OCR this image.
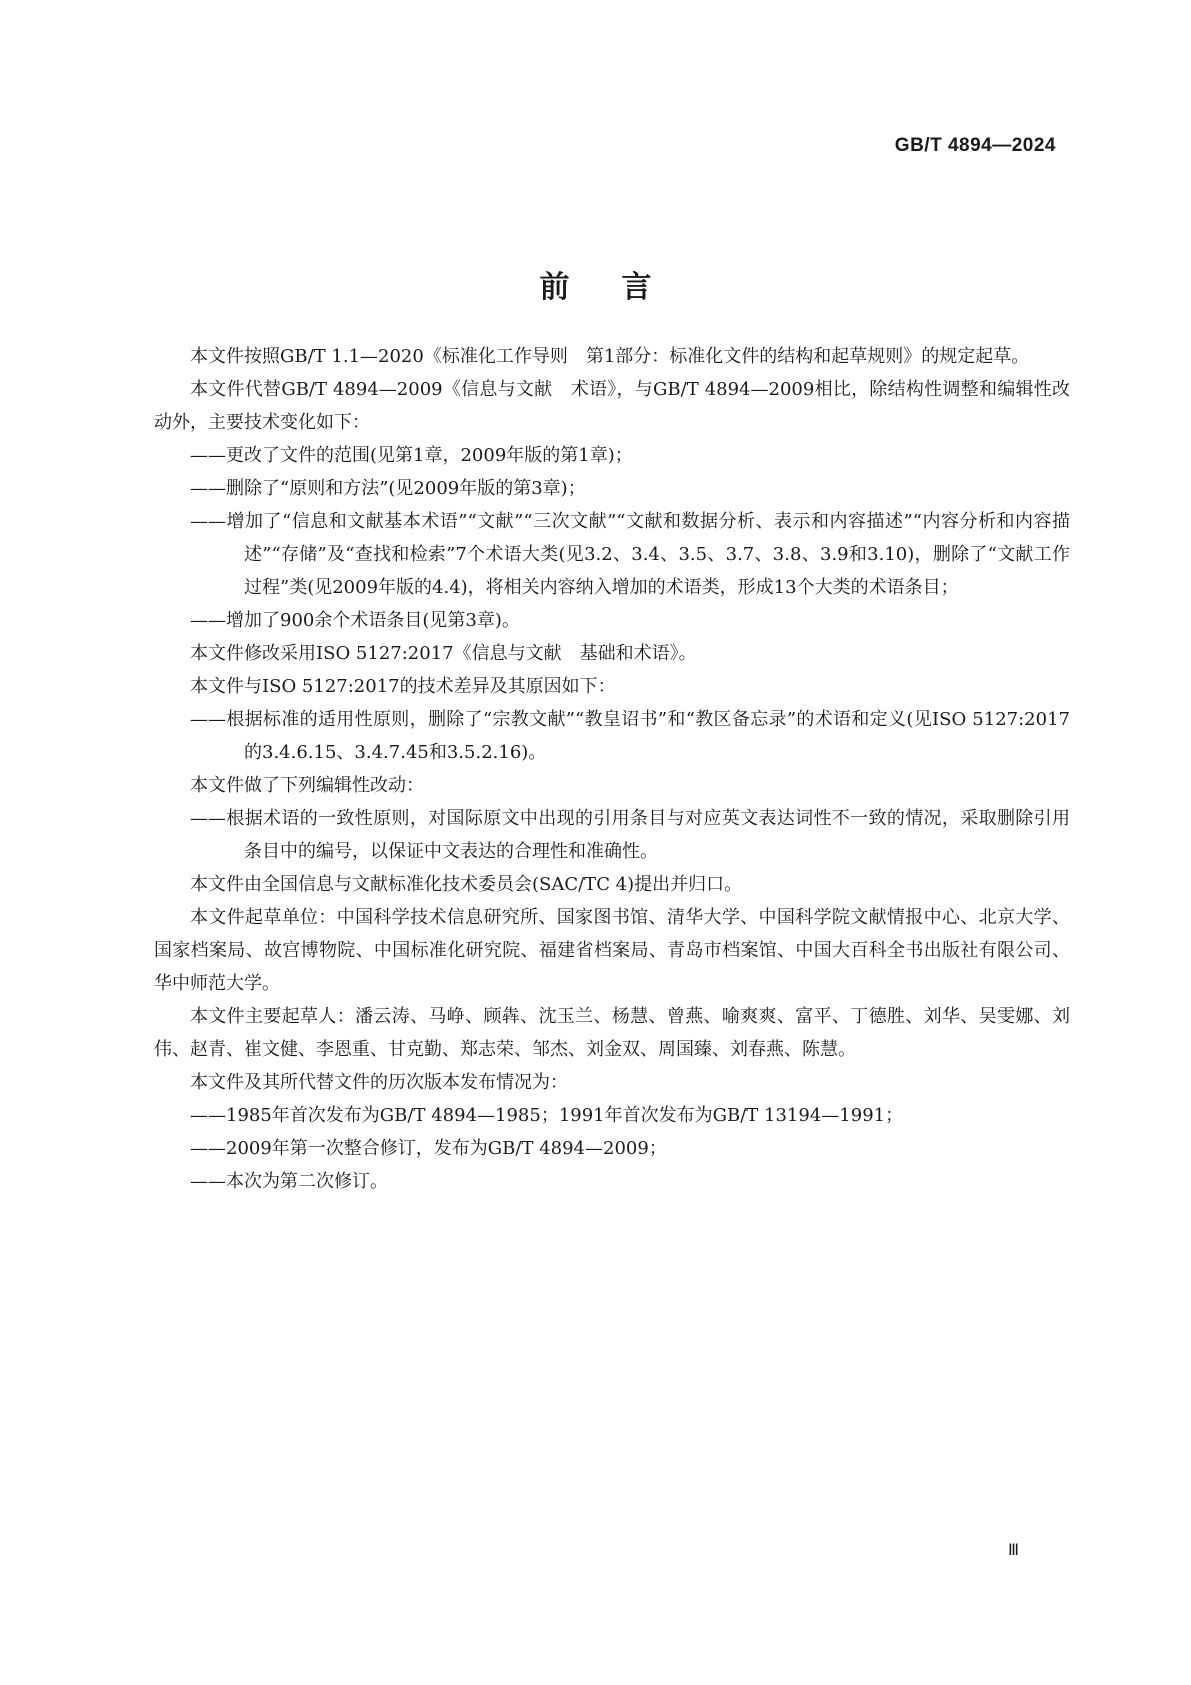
GB/T 4894—2024
前言

本文件按照GB/T 1.1—2020《标准化工作导则　第1部分：标准化文件的结构和起草规则》的规定起草。

本文件代替GB/T 4894—2009《信息与文献　术语》，与GB/T 4894—2009相比，除结构性调整和编辑性改动外，主要技术变化如下：

——更改了文件的范围(见第1章，2009年版的第1章)；

——删除了“原则和方法”(见2009年版的第3章)；

——增加了“信息和文献基本术语”“文献”“三次文献”“文献和数据分析、表示和内容描述”“内容分析和内容描述”“存储”及“查找和检索”7个术语大类(见3.2、3.4、3.5、3.7、3.8、3.9和3.10)，删除了“文献工作过程”类(见2009年版的4.4)，将相关内容纳入增加的术语类，形成13个大类的术语条目；

——增加了900余个术语条目(见第3章)。

本文件修改采用ISO 5127:2017《信息与文献　基础和术语》。

本文件与ISO 5127:2017的技术差异及其原因如下：

——根据标准的适用性原则，删除了“宗教文献”“教皇诏书”和“教区备忘录”的术语和定义(见ISO 5127:2017的3.4.6.15、3.4.7.45和3.5.2.16)。

本文件做了下列编辑性改动：

——根据术语的一致性原则，对国际原文中出现的引用条目与对应英文表达词性不一致的情况，采取删除引用条目中的编号，以保证中文表达的合理性和准确性。

本文件由全国信息与文献标准化技术委员会(SAC/TC 4)提出并归口。

本文件起草单位：中国科学技术信息研究所、国家图书馆、清华大学、中国科学院文献情报中心、北京大学、国家档案局、故宫博物院、中国标准化研究院、福建省档案局、青岛市档案馆、中国大百科全书出版社有限公司、华中师范大学。

本文件主要起草人：潘云涛、马峥、顾犇、沈玉兰、杨慧、曾燕、喻爽爽、富平、丁德胜、刘华、吴雯娜、刘伟、赵青、崔文健、李恩重、甘克勤、郑志荣、邹杰、刘金双、周国臻、刘春燕、陈慧。

本文件及其所代替文件的历次版本发布情况为：

——1985年首次发布为GB/T 4894—1985；1991年首次发布为GB/T 13194—1991；

——2009年第一次整合修订，发布为GB/T 4894—2009；

——本次为第二次修订。

Ⅲ
